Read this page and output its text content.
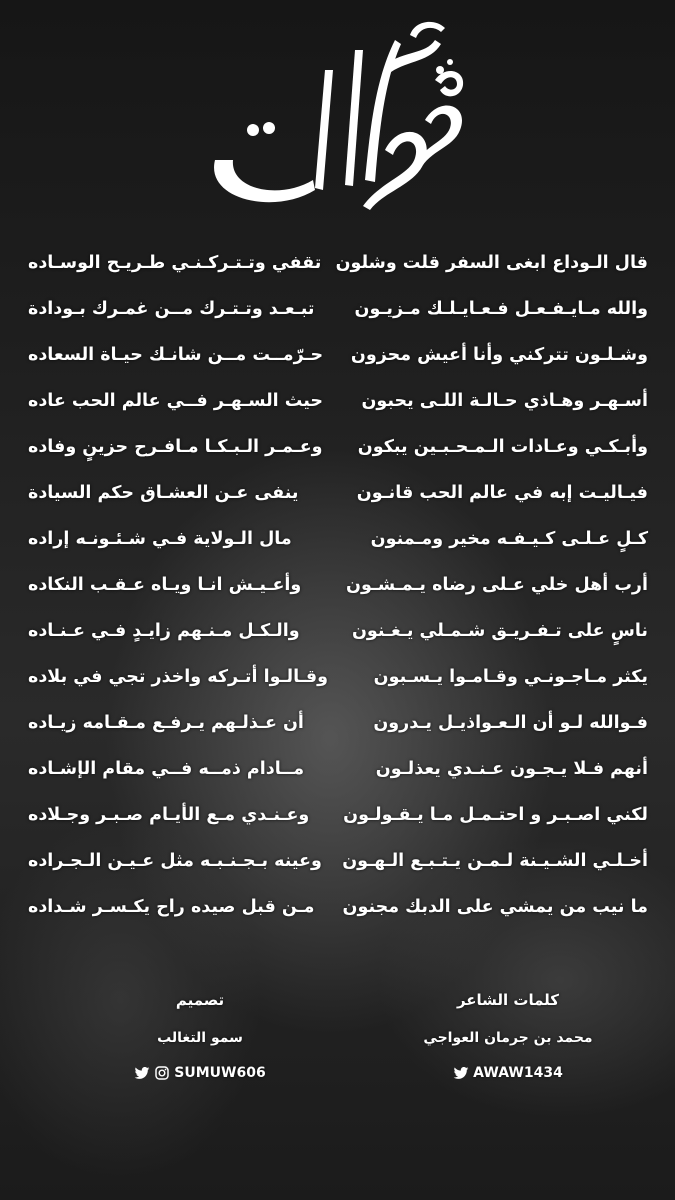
قال الـوداع ابغى السفر قلت وشلون
تقفي وتـتـركـنـي طـريـح الوسـاده
والله مـايـفـعـل فـعـايـلـك مـزيـون
تبـعـد وتـتـرك مــن غمـرك بـودادة
وشـلـون تتركني وأنا أعيش محزون
حـرّمــت مــن شانـك حيـاة السعاده
أسـهـر وهـاذي حـالـة اللـى يحبون
حيث السـهـر فــي عالم الحب عاده
وأبـكـي وعـادات الـمـحـبـين يبكون
وعـمـر الـبـكـا مـافـرح حزينٍ وفاده
فيـاليـت إبه في عالم الحب قانـون
ينفى عـن العشـاق حكم السيادة
كـلٍ عـلـى كـيـفـه مخير ومـمنون
مال الـولاية فـي شـئـونـه إراده
أرب أهل خلي عـلى رضاه يـمـشـون
وأعـيـش انـا ويـاه عـقـب النكاده
ناسٍ على تـفـريـق شـمـلي يـغـنون
والـكـل مـنـهم زايـدٍ فـي عـنـاده
يكثر مـاجـونـي وقـامـوا يـسـبون
وقـالـوا أتـركه واخذر تجي في بلاده
فـوالله لـو أن الـعـواذيـل يـدرون
أن عـذلـهم يـرفـع مـقـامه زيـاده
أنهم فـلا يـجـون عـنـدي يعذلـون
مــادام ذمــه فــي مقام الإشـاده
لكني اصـبـر و احتـمـل مـا يـقـولـون
وعـنـدي مـع الأيـام صـبـر وجـلاده
أخـلـي الشـيـنة لـمـن يـتـبـع الـهـون
وعينه بـجـنـبـه مثل عـيـن الـجـراده
ما نيب من يمشي على الدبك مجنون
مـن قبل صيده راح يكـسـر شـداده
كلمات الشاعر
محمد بن جرمان العواجي
AWAW1434
تصميم
سمو التغالب
SUMUW606
